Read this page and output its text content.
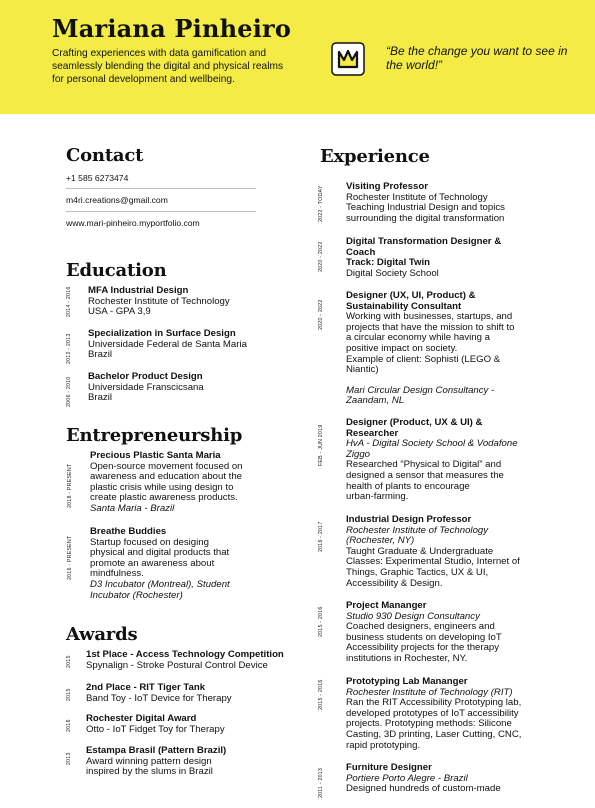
Mariana Pinheiro
Crafting experiences with data gamification and seamlessly blending the digital and physical realms for personal development and wellbeing.
“Be the change you want to see in the world!”
Contact
+1 585 6273474
m4ri.creations@gmail.com
www.mari-pinheiro.myportfolio.com
Education
2014 - 2016 MFA Industrial Design
Rochester Institute of Technology
USA - GPA 3,9
2012 - 2013
Specialization in Surface Design
Universidade Federal de Santa Maria
Brazil
2006 - 2010
Bachelor Product Design
Universidade Franscicsana
Brazil
Entrepreneurship
2018 - PRESENT
Precious Plastic Santa Maria
Open-source movement focused on
awareness and education about the
plastic crisis while using design to
create plastic awareness products.
Santa Maria - Brazil
2016 - PRESENT
Breathe Buddies
Startup focused on desiging
physical and digital products that
promote an awareness about
mindfulness.
D3 Incubator (Montreal), Student
Incubator (Rochester)
Awards
2015
1st Place - Access Technology Competition
Spynalign - Stroke Postural Control Device
2015
2nd Place - RIT Tiger Tank
Band Toy - IoT Device for Therapy
2016
Rochester Digital Award
Otto - IoT Fidget Toy for Therapy
2013
Estampa Brasil (Pattern Brazil)
Award winning pattern design
inspired by the slums in Brazil
Experience
2022 - TODAY Visiting Professor
Rochester Institute of Technology
Teaching Industrial Design and topics
surrounding the digital transformation
2020 - 2022
Digital Transformation Designer &
Coach
Track: Digital Twin
Digital Society School
2020 - 2022
Designer (UX, UI, Product) &
Sustainability Consultant
Working with businesses, startups, and
projects that have the mission to shift to
a circular economy while having a
positive impact on society.
Example of client: Sophisti (LEGO &
Niantic)
Mari Circular Design Consultancy -
Zaandam, NL
FEB - JUN 2019
Designer (Product, UX & UI) &
Researcher
HvA - Digital Society School & Vodafone
Ziggo
Researched “Physical to Digital” and
designed a sensor that measures the
health of plants to encourage
urban-farming.
2016 - 2017
Industrial Design Professor
Rochester Institute of Technology
(Rochester, NY)
Taught Graduate & Undergraduate
Classes: Experimental Studio, Internet of
Things, Graphic Tactics, UX & UI,
Accessibility & Design.
2015 - 2016
Project Mananger
Studio 930 Design Consultancy
Coached designers, engineers and
business students on developing IoT
Accessibility projects for the therapy
institutions in Rochester, NY.
2015 - 2016 Prototyping Lab Mananger
Rochester Institute of Technology (RIT)
Ran the RIT Accessibility Prototyping lab,
developed prototypes of IoT accessibility
projects. Prototyping methods: Silicone
Casting, 3D printing, Laser Cutting, CNC,
rapid prototyping.
2011 - 2013
Furniture Designer
Portiere Porto Alegre - Brazil
Designed hundreds of custom-made
